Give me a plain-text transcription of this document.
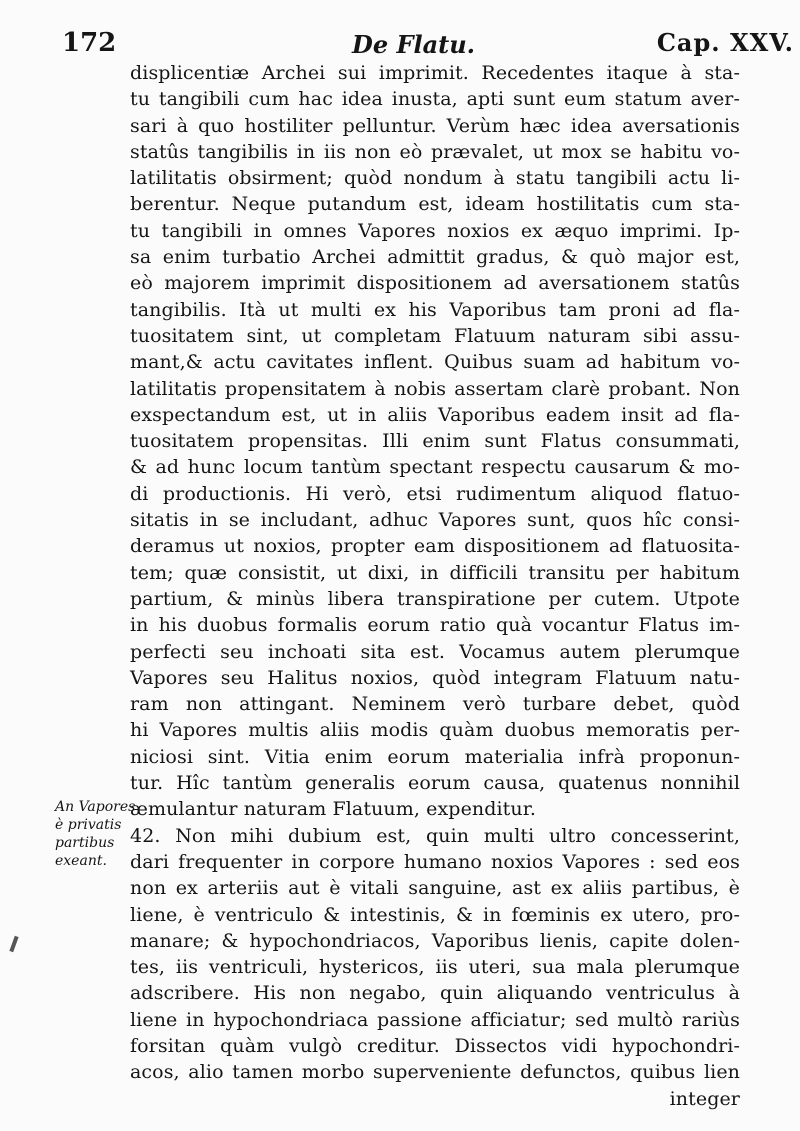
172	De Flatu.	Cap. XXV.
displicentiæ Archei sui imprimit. Recedentes itaque à sta-
tu tangibili cum hac idea inusta, apti sunt eum statum aver-
sari à quo hostiliter pelluntur. Verùm hæc idea aversationis
statûs tangibilis in iis non eò prævalet, ut mox se habitu vo-
latilitatis obsirment; quòd nondum à statu tangibili actu li-
berentur. Neque putandum est, ideam hostilitatis cum sta-
tu tangibili in omnes Vapores noxios ex æquo imprimi. Ip-
sa enim turbatio Archei admittit gradus, & quò major est,
eò majorem imprimit dispositionem ad aversationem statûs
tangibilis. Ità ut multi ex his Vaporibus tam proni ad fla-
tuositatem sint, ut completam Flatuum naturam sibi assu-
mant,& actu cavitates inflent. Quibus suam ad habitum vo-
latilitatis propensitatem à nobis assertam clarè probant. Non
exspectandum est, ut in aliis Vaporibus eadem insit ad fla-
tuositatem propensitas. Illi enim sunt Flatus consummati,
& ad hunc locum tantùm spectant respectu causarum & mo-
di productionis. Hi verò, etsi rudimentum aliquod flatuo-
sitatis in se includant, adhuc Vapores sunt, quos hîc consi-
deramus ut noxios, propter eam dispositionem ad flatuosita-
tem; quæ consistit, ut dixi, in difficili transitu per habitum
partium, & minùs libera transpiratione per cutem. Utpote
in his duobus formalis eorum ratio quà vocantur Flatus im-
perfecti seu inchoati sita est. Vocamus autem plerumque
Vapores seu Halitus noxios, quòd integram Flatuum natu-
ram non attingant. Neminem verò turbare debet, quòd
hi Vapores multis aliis modis quàm duobus memoratis per-
niciosi sint. Vitia enim eorum materialia infrà proponun-
tur. Hîc tantùm generalis eorum causa, quatenus nonnihil
æmulantur naturam Flatuum, expenditur.
42. Non mihi dubium est, quin multi ultro concesserint,
dari frequenter in corpore humano noxios Vapores : sed eos
non ex arteriis aut è vitali sanguine, ast ex aliis partibus, è
liene, è ventriculo & intestinis, & in fœminis ex utero, pro-
manare; & hypochondriacos, Vaporibus lienis, capite dolen-
tes, iis ventriculi, hystericos, iis uteri, sua mala plerumque
adscribere. His non negabo, quin aliquando ventriculus à
liene in hypochondriaca passione afficiatur; sed multò rariùs
forsitan quàm vulgò creditur. Dissectos vidi hypochondri-
acos, alio tamen morbo superveniente defunctos, quibus lien
integer
An Vapores
è privatis
partibus
exeant.
